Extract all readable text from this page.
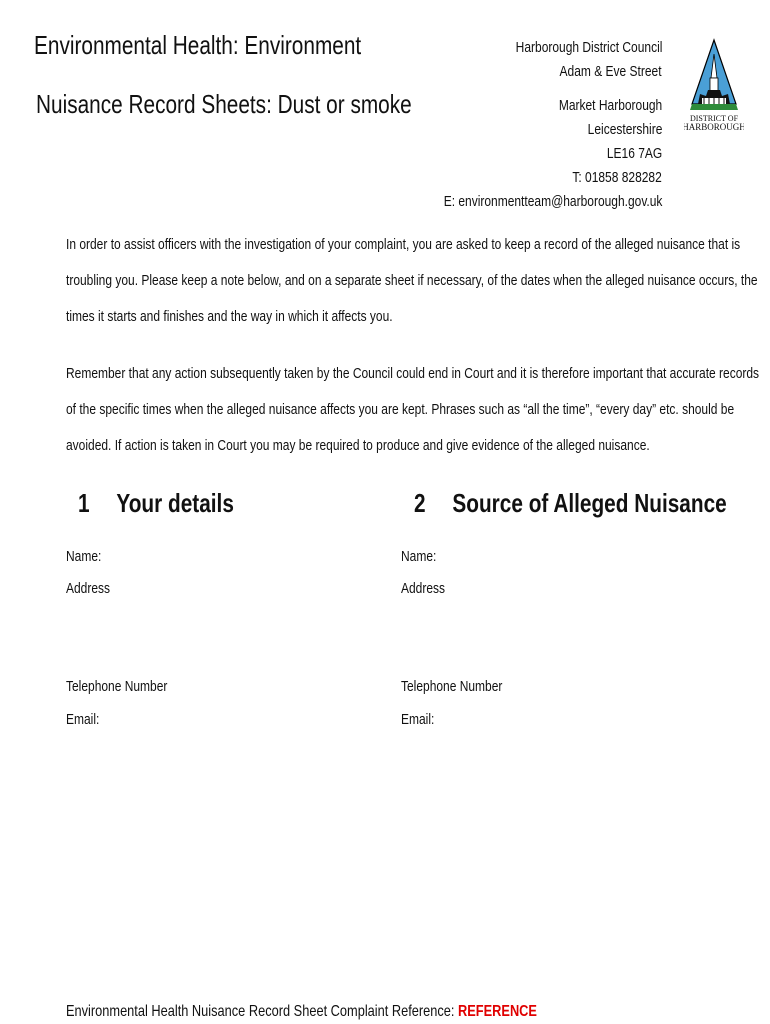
Environmental Health: Environment
Nuisance Record Sheets: Dust or smoke
Harborough District Council
Adam & Eve Street
Market Harborough
Leicestershire
LE16 7AG
T: 01858 828282
E: environmentteam@harborough.gov.uk
DISTRICT OF
HARBOROUGH
In order to assist officers with the investigation of your complaint, you are asked to keep a record of the alleged nuisance that is
troubling you. Please keep a note below, and on a separate sheet if necessary, of the dates when the alleged nuisance occurs, the
times it starts and finishes and the way in which it affects you.
Remember that any action subsequently taken by the Council could end in Court and it is therefore important that accurate records
of the specific times when the alleged nuisance affects you are kept. Phrases such as “all the time”, “every day” etc. should be
avoided. If action is taken in Court you may be required to produce and give evidence of the alleged nuisance.
1 Your details	2 Source of Alleged Nuisance
Name:
Address
Telephone Number
Email:
Name:
Address
Telephone Number
Email:
Environmental Health Nuisance Record Sheet Complaint Reference: REFERENCE
